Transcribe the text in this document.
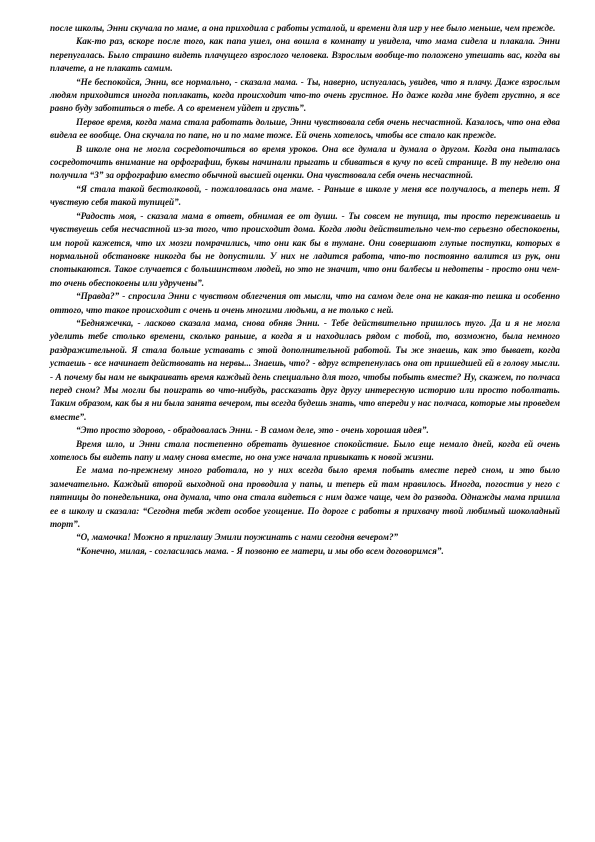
после школы, Энни скучала по маме, а она приходила с работы усталой, и времени для игр у нее было меньше, чем прежде.

Как-то раз, вскоре после того, как папа ушел, она вошла в комнату и увидела, что мама сидела и плакала. Энни перепугалась. Было страшно видеть плачущего взрослого человека. Взрослым вообще-то положено утешать вас, когда вы плачете, а не плакать самим.

“Не беспокойся, Энни, все нормально, - сказала мама. - Ты, наверно, испугалась, увидев, что я плачу. Даже взрослым людям приходится иногда поплакать, когда происходит что-то очень грустное. Но даже когда мне будет грустно, я все равно буду заботиться о тебе. А со временем уйдет и грусть”.

Первое время, когда мама стала работать дольше, Энни чувствовала себя очень несчастной. Казалось, что она едва видела ее вообще. Она скучала по папе, но и по маме тоже. Ей очень хотелось, чтобы все стало как прежде.

В школе она не могла сосредоточиться во время уроков. Она все думала и думала о другом. Когда она пыталась сосредоточить внимание на орфографии, буквы начинали прыгать и сбиваться в кучу по всей странице. В ту неделю она получила “3” за орфографию вместо обычной высшей оценки. Она чувствовала себя очень несчастной.

“Я стала такой бестолковой, - пожаловалась она маме. - Раньше в школе у меня все получалось, а теперь нет. Я чувствую себя такой тупицей”.

“Радость моя, - сказала мама в ответ, обнимая ее от души. - Ты совсем не тупица, ты просто переживаешь и чувствуешь себя несчастной из-за того, что происходит дома. Когда люди действительно чем-то серьезно обеспокоены, им порой кажется, что их мозги помрачились, что они как бы в тумане. Они совершают глупые поступки, которых в нормальной обстановке никогда бы не допустили. У них не ладится работа, что-то постоянно валится из рук, они спотыкаются. Такое случается с большинством людей, но это не значит, что они балбесы и недотепы - просто они чем-то очень обеспокоены или удручены”.

“Правда?” - спросила Энни с чувством облегчения от мысли, что на самом деле она не какая-то пешка и особенно оттого, что такое происходит с очень и очень многими людьми, а не только с ней.

“Бедняжечка, - ласково сказала мама, снова обняв Энни. - Тебе действительно пришлось туго. Да и я не могла уделить тебе столько времени, сколько раньше, а когда я и находилась рядом с тобой, то, возможно, была немного раздражительной. Я стала больше уставать с этой дополнительной работой. Ты же знаешь, как это бывает, когда устаешь - все начинает действовать на нервы... Знаешь, что? - вдруг встрепенулась она от пришедшей ей в голову мысли. - А почему бы нам не выкраивать время каждый день специально для того, чтобы побыть вместе? Ну, скажем, по полчаса перед сном? Мы могли бы поиграть во что-нибудь, рассказать друг другу интересную историю или просто поболтать. Таким образом, как бы я ни была занята вечером, ты всегда будешь знать, что впереди у нас полчаса, которые мы проведем вместе”.

“Это просто здорово, - обрадовалась Энни. - В самом деле, это - очень хорошая идея”.

Время шло, и Энни стала постепенно обретать душевное спокойствие. Было еще немало дней, когда ей очень хотелось бы видеть папу и маму снова вместе, но она уже начала привыкать к новой жизни.

Ее мама по-прежнему много работала, но у них всегда было время побыть вместе перед сном, и это было замечательно. Каждый второй выходной она проводила у папы, и теперь ей там нравилось. Иногда, погостив у него с пятницы до понедельника, она думала, что она стала видеться с ним даже чаще, чем до развода. Однажды мама пришла ее в школу и сказала: “Сегодня тебя ждет особое угощение. По дороге с работы я прихвачу твой любимый шоколадный торт”.

“О, мамочка! Можно я приглашу Эмили поужинать с нами сегодня вечером?”

“Конечно, милая, - согласилась мама. - Я позвоню ее матери, и мы обо всем договоримся”.
